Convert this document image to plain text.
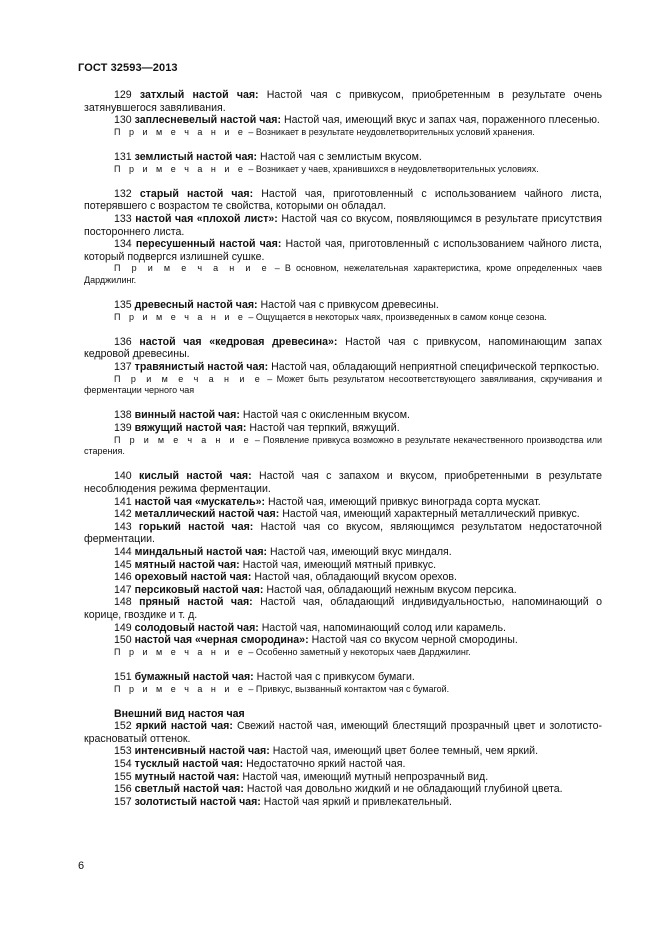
ГОСТ 32593—2013
129 затхлый настой чая: Настой чая с привкусом, приобретенным в результате очень затянувшегося завяливания.
130 заплесневелый настой чая: Настой чая, имеющий вкус и запах чая, пораженного плесенью.
П р и м е ч а н и е – Возникает в результате неудовлетворительных условий хранения.
131 землистый настой чая: Настой чая с землистым вкусом.
П р и м е ч а н и е – Возникает у чаев, хранившихся в неудовлетворительных условиях.
132 старый настой чая: Настой чая, приготовленный с использованием чайного листа, потерявшего с возрастом те свойства, которыми он обладал.
133 настой чая «плохой лист»: Настой чая со вкусом, появляющимся в результате присутствия постороннего листа.
134 пересушенный настой чая: Настой чая, приготовленный с использованием чайного листа, который подвергся излишней сушке.
П р и м е ч а н и е – В основном, нежелательная характеристика, кроме определенных чаев Дарджилинг.
135 древесный настой чая: Настой чая с привкусом древесины.
П р и м е ч а н и е – Ощущается в некоторых чаях, произведенных в самом конце сезона.
136 настой чая «кедровая древесина»: Настой чая с привкусом, напоминающим запах кедровой древесины.
137 травянистый настой чая: Настой чая, обладающий неприятной специфической терпкостью.
П р и м е ч а н и е – Может быть результатом несоответствующего завяливания, скручивания и ферментации черного чая
138 винный настой чая: Настой чая с окисленным вкусом.
139 вяжущий настой чая: Настой чая терпкий, вяжущий.
П р и м е ч а н и е – Появление привкуса возможно в результате некачественного производства или старения.
140 кислый настой чая: Настой чая с запахом и вкусом, приобретенными в результате несоблюдения режима ферментации.
141 настой чая «мускатель»: Настой чая, имеющий привкус винограда сорта мускат.
142 металлический настой чая: Настой чая, имеющий характерный металлический привкус.
143 горький настой чая: Настой чая со вкусом, являющимся результатом недостаточной ферментации.
144 миндальный настой чая: Настой чая, имеющий вкус миндаля.
145 мятный настой чая: Настой чая, имеющий мятный привкус.
146 ореховый настой чая: Настой чая, обладающий вкусом орехов.
147 персиковый настой чая: Настой чая, обладающий нежным вкусом персика.
148 пряный настой чая: Настой чая, обладающий индивидуальностью, напоминающий о корице, гвоздике и т. д.
149 солодовый настой чая: Настой чая, напоминающий солод или карамель.
150 настой чая «черная смородина»: Настой чая со вкусом черной смородины.
П р и м е ч а н и е – Особенно заметный у некоторых чаев Дарджилинг.
151 бумажный настой чая: Настой чая с привкусом бумаги.
П р и м е ч а н и е – Привкус, вызванный контактом чая с бумагой.
Внешний вид настоя чая
152 яркий настой чая: Свежий настой чая, имеющий блестящий прозрачный цвет и золотисто-красноватый оттенок.
153 интенсивный настой чая: Настой чая, имеющий цвет более темный, чем яркий.
154 тусклый настой чая: Недостаточно яркий настой чая.
155 мутный настой чая: Настой чая, имеющий мутный непрозрачный вид.
156 светлый настой чая: Настой чая довольно жидкий и не обладающий глубиной цвета.
157 золотистый настой чая: Настой чая яркий и привлекательный.
6
